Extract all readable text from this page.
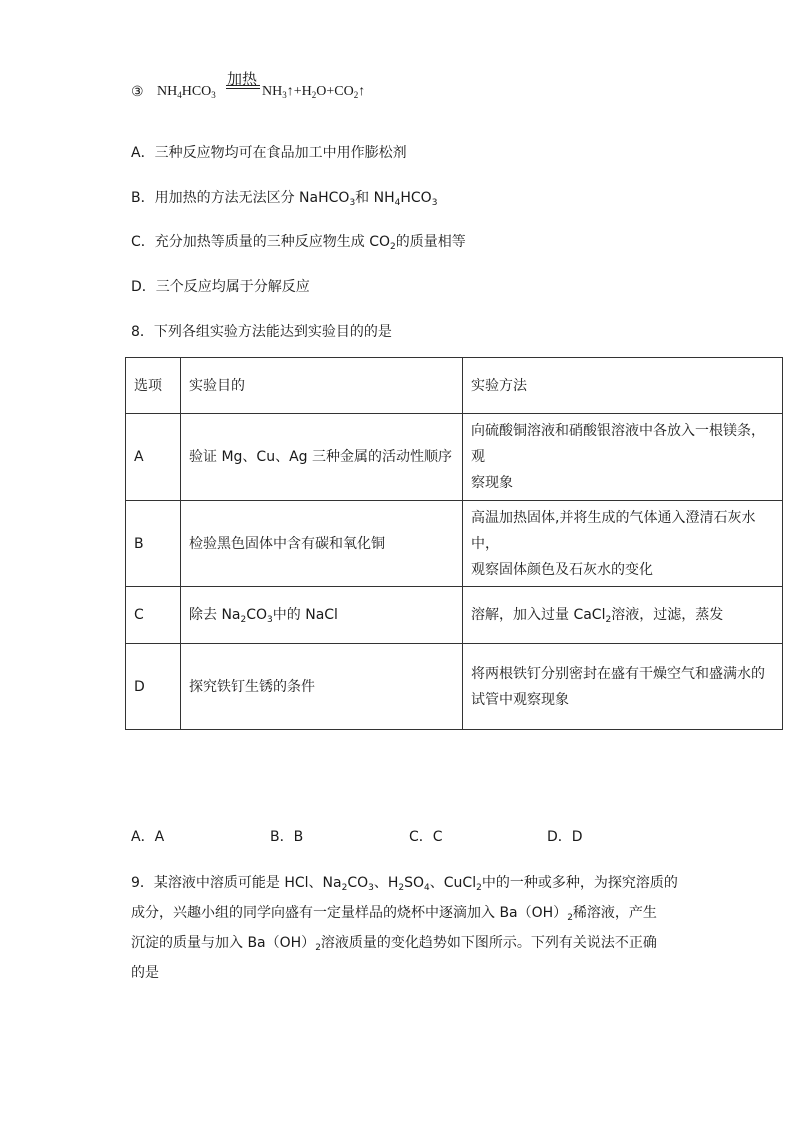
③ $NH_4HCO_3$
加热
$NH_3↑+H_2O+CO_2↑$
A．三种反应物均可在食品加工中用作膨松剂
B．用加热的方法无法区分 NaHCO$_3$和 $NH_4HCO_3$
C．充分加热等质量的三种反应物生成 $CO_2$的质量相等
D．三个反应均属于分解反应
8．下列各组实验方法能达到实验目的的是
选项	实验目的	实验方法
A	验证 Mg、Cu、Ag 三种金属的活动性顺序	向硫酸铜溶液和硝酸银溶液中各放入一根镁条，观
察现象

B	检验黑色固体中含有碳和氧化铜	高温加热固体,并将生成的气体通入澄清石灰水中，
观察固体颜色及石灰水的变化

C	除去 $Na_2CO_3$中的 NaCl	溶解，加入过量 CaCl$_2$溶液，过滤，蒸发
D	探究铁钉生锈的条件	将两根铁钉分别密封在盛有干燥空气和盛满水的
试管中观察现象
A．A	B．B	C．C	D．D
9．某溶液中溶质可能是 HCl、$Na_2CO_3$、$H_2SO_4$、CuCl$_2$中的一种或多种，为探究溶质的
成分，兴趣小组的同学向盛有一定量样品的烧杯中逐滴加入 $Ba(OH)_2$稀溶液，产生
沉淀的质量与加入 $Ba(OH)_2$溶液质量的变化趋势如下图所示。下列有关说法不正确
的是
